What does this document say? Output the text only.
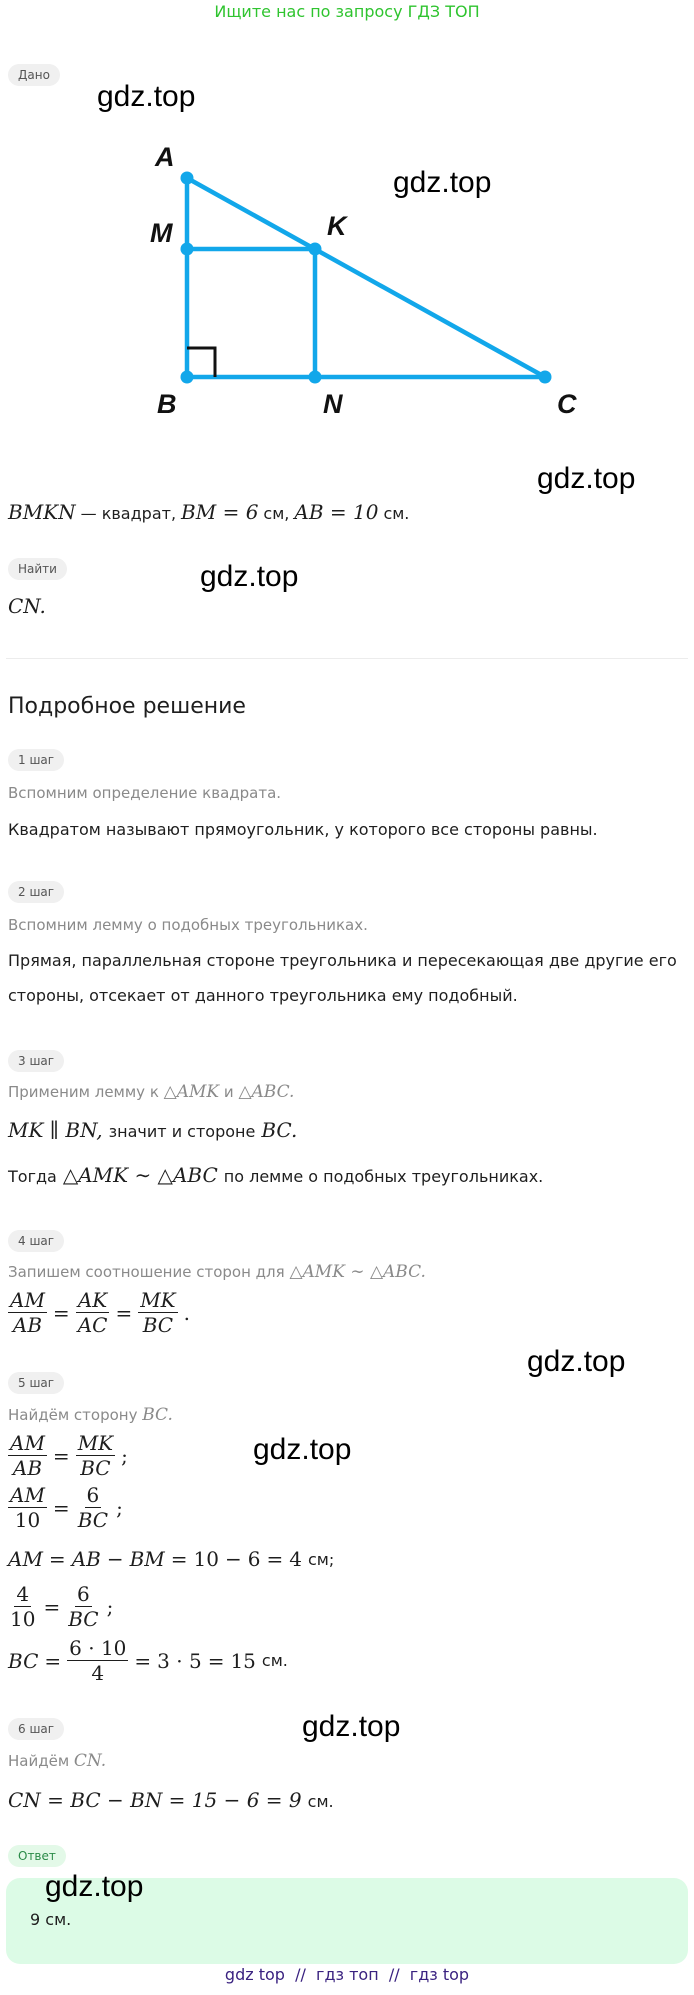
Ищите нас по запросу ГДЗ ТОП
Дано
gdz.top
gdz.top
gdz.top
A
M	K
B	N	C
BMKN — квадрат, BM = 6 см, AB = 10 см.
Найти	gdz.top
CN.
Подробное решение
1 шаг
Вспомним определение квадрата.
Квадратом называют прямоугольник, у которого все стороны равны.
2 шаг
Вспомним лемму о подобных треугольниках.
Прямая, параллельная стороне треугольника и пересекающая две другие его
стороны, отсекает от данного треугольника ему подобный.
3 шаг
Применим лемму к △AMK и △ABC.
MK ∥ BN, значит и стороне BC.
Тогда △AMK ∼ △ABC по лемме о подобных треугольниках.
4 шаг
Запишем соотношение сторон для △AMK ∼ △ABC.
$\frac{AM}{AB} = \frac{AK}{AC} = \frac{MK}{BC}$ .
gdz.top
5 шаг
Найдём сторону BC.
gdz.top
$\frac{AM}{AB} = \frac{MK}{BC}$ ;
$\frac{AM}{10} = \frac{6}{BC}$ ;
AM = AB − BM = 10 − 6 = 4 см;
$\frac{4}{10} = \frac{6}{BC}$ ;
BC = $\frac{6 \cdot 10}{4} = 3 \cdot 5 = 15$ см.
gdz.top
6 шаг
Найдём CN.
CN = BC − BN = 15 − 6 = 9 см.
Ответ
gdz.top
9 см.
gdz top  //  гдз топ  //  гдз top
